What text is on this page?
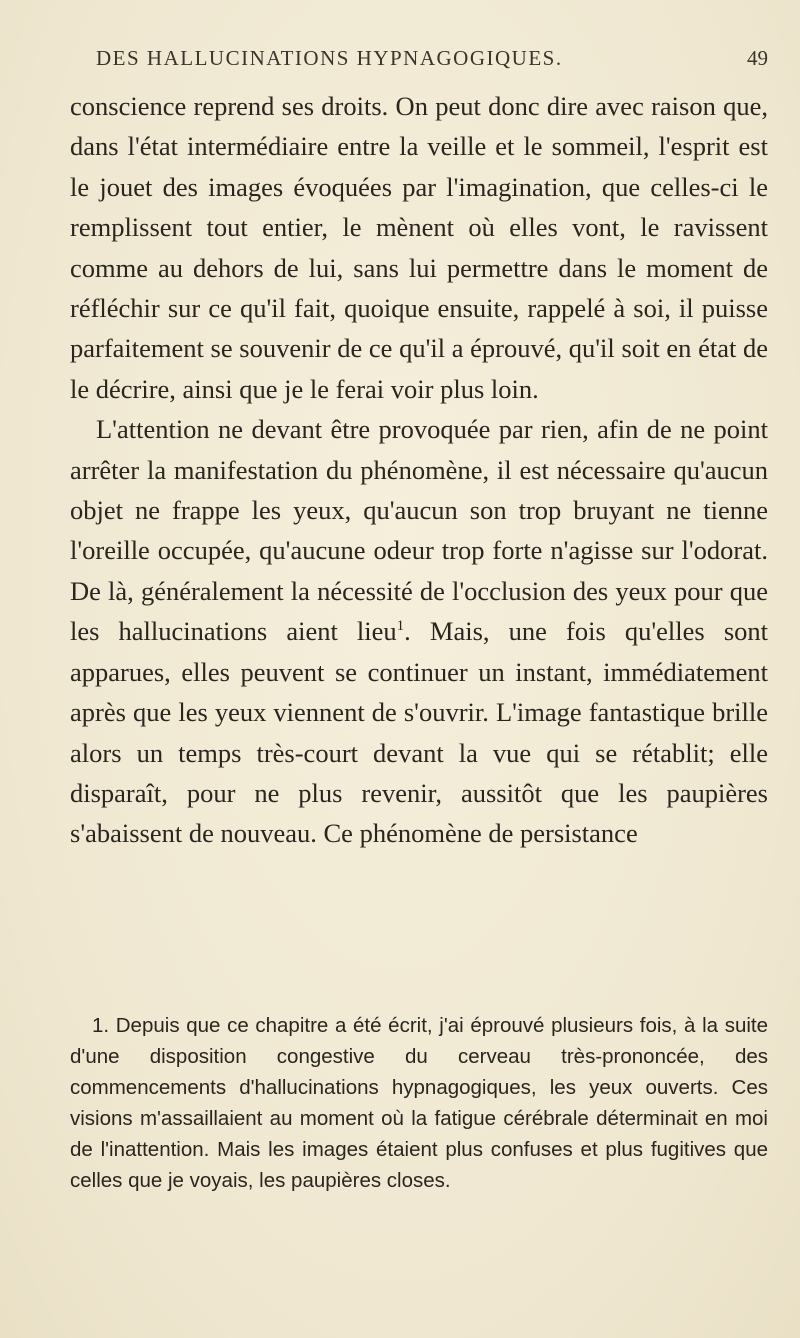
DES HALLUCINATIONS HYPNAGOGIQUES.	49

conscience reprend ses droits. On peut donc dire avec raison que, dans l'état intermédiaire entre la veille et le sommeil, l'esprit est le jouet des images évoquées par l'imagination, que celles-ci le remplissent tout entier, le mènent où elles vont, le ravissent comme au dehors de lui, sans lui permettre dans le moment de réfléchir sur ce qu'il fait, quoique ensuite, rappelé à soi, il puisse parfaitement se souvenir de ce qu'il a éprouvé, qu'il soit en état de le décrire, ainsi que je le ferai voir plus loin.

L'attention ne devant être provoquée par rien, afin de ne point arrêter la manifestation du phénomène, il est nécessaire qu'aucun objet ne frappe les yeux, qu'aucun son trop bruyant ne tienne l'oreille occupée, qu'aucune odeur trop forte n'agisse sur l'odorat. De là, généralement la nécessité de l'occlusion des yeux pour que les hallucinations aient lieu$^1$. Mais, une fois qu'elles sont apparues, elles peuvent se continuer un instant, immédiatement après que les yeux viennent de s'ouvrir. L'image fantastique brille alors un temps très-court devant la vue qui se rétablit; elle disparaît, pour ne plus revenir, aussitôt que les paupières s'abaissent de nouveau. Ce phénomène de persistance

1. Depuis que ce chapitre a été écrit, j'ai éprouvé plusieurs fois, à la suite d'une disposition congestive du cerveau très-prononcée, des commencements d'hallucinations hypnagogiques, les yeux ouverts. Ces visions m'assaillaient au moment où la fatigue cérébrale déterminait en moi de l'inattention. Mais les images étaient plus confuses et plus fugitives que celles que je voyais, les paupières closes.
